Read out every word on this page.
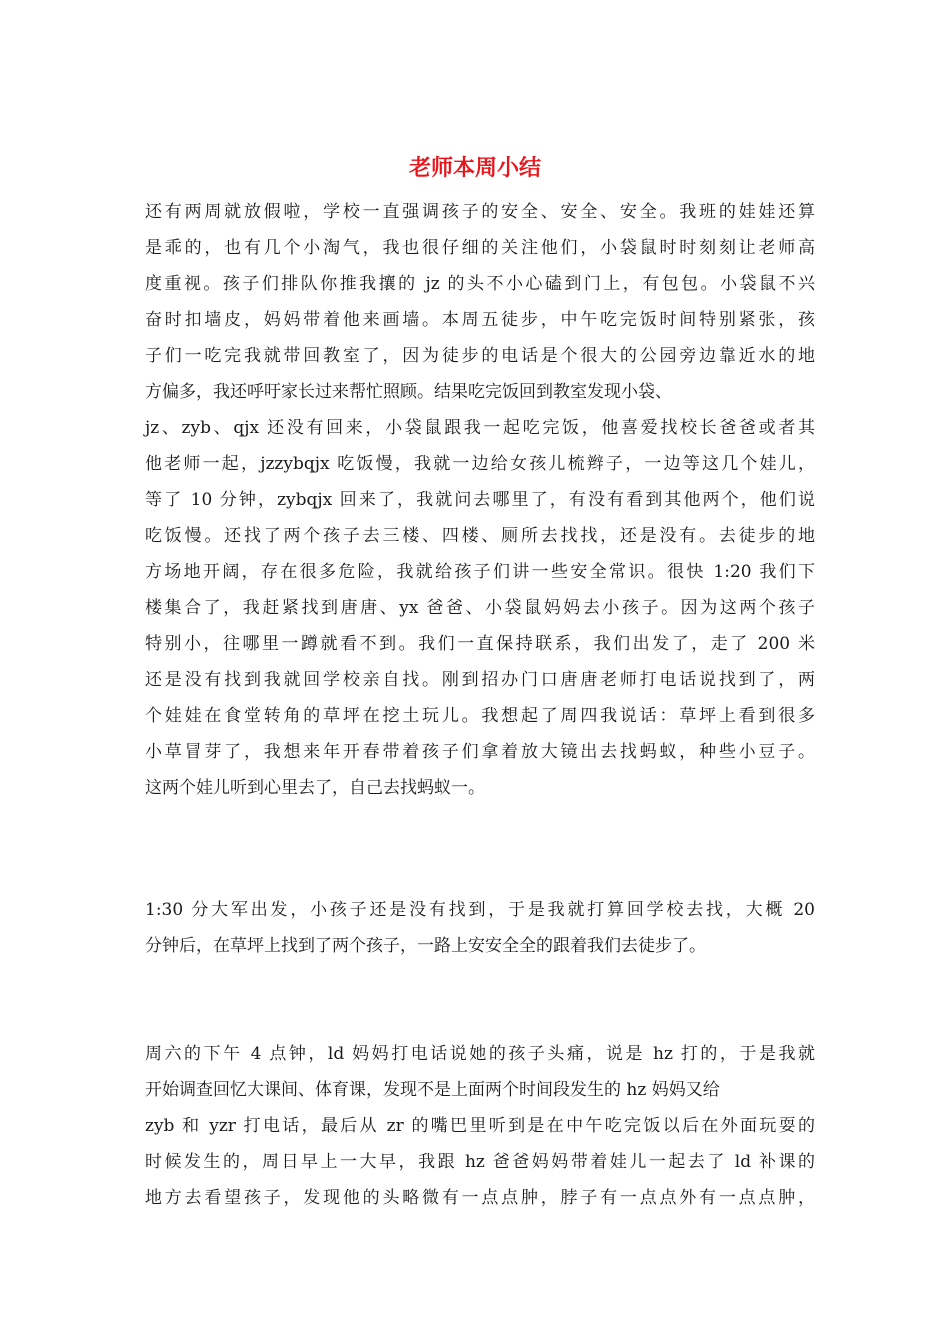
老师本周小结

还有两周就放假啦，学校一直强调孩子的安全、安全、安全。我班的娃娃还算

是乖的，也有几个小淘气，我也很仔细的关注他们，小袋鼠时时刻刻让老师高

度重视。孩子们排队你推我攘的 jz 的头不小心磕到门上，有包包。小袋鼠不兴

奋时扣墙皮，妈妈带着他来画墙。本周五徒步，中午吃完饭时间特别紧张，孩

子们一吃完我就带回教室了，因为徒步的电话是个很大的公园旁边靠近水的地

方偏多，我还呼吁家长过来帮忙照顾。结果吃完饭回到教室发现小袋、

jz、zyb、qjx 还没有回来，小袋鼠跟我一起吃完饭，他喜爱找校长爸爸或者其

他老师一起，jzzybqjx 吃饭慢，我就一边给女孩儿梳辫子，一边等这几个娃儿，

等了 10 分钟，zybqjx 回来了，我就问去哪里了，有没有看到其他两个，他们说

吃饭慢。还找了两个孩子去三楼、四楼、厕所去找找，还是没有。去徒步的地

方场地开阔，存在很多危险，我就给孩子们讲一些安全常识。很快 1:20 我们下

楼集合了，我赶紧找到唐唐、yx 爸爸、小袋鼠妈妈去小孩子。因为这两个孩子

特别小，往哪里一蹲就看不到。我们一直保持联系，我们出发了，走了 200 米

还是没有找到我就回学校亲自找。刚到招办门口唐唐老师打电话说找到了，两

个娃娃在食堂转角的草坪在挖土玩儿。我想起了周四我说话：草坪上看到很多

小草冒芽了，我想来年开春带着孩子们拿着放大镜出去找蚂蚁，种些小豆子。

这两个娃儿听到心里去了，自己去找蚂蚁一。

1:30 分大军出发，小孩子还是没有找到，于是我就打算回学校去找，大概 20

分钟后，在草坪上找到了两个孩子，一路上安安全全的跟着我们去徒步了。

周六的下午 4 点钟，ld 妈妈打电话说她的孩子头痛，说是 hz 打的，于是我就

开始调查回忆大课间、体育课，发现不是上面两个时间段发生的 hz 妈妈又给

zyb 和 yzr 打电话，最后从 zr 的嘴巴里听到是在中午吃完饭以后在外面玩耍的

时候发生的，周日早上一大早，我跟 hz 爸爸妈妈带着娃儿一起去了 ld 补课的

地方去看望孩子，发现他的头略微有一点点肿，脖子有一点点外有一点点肿，
